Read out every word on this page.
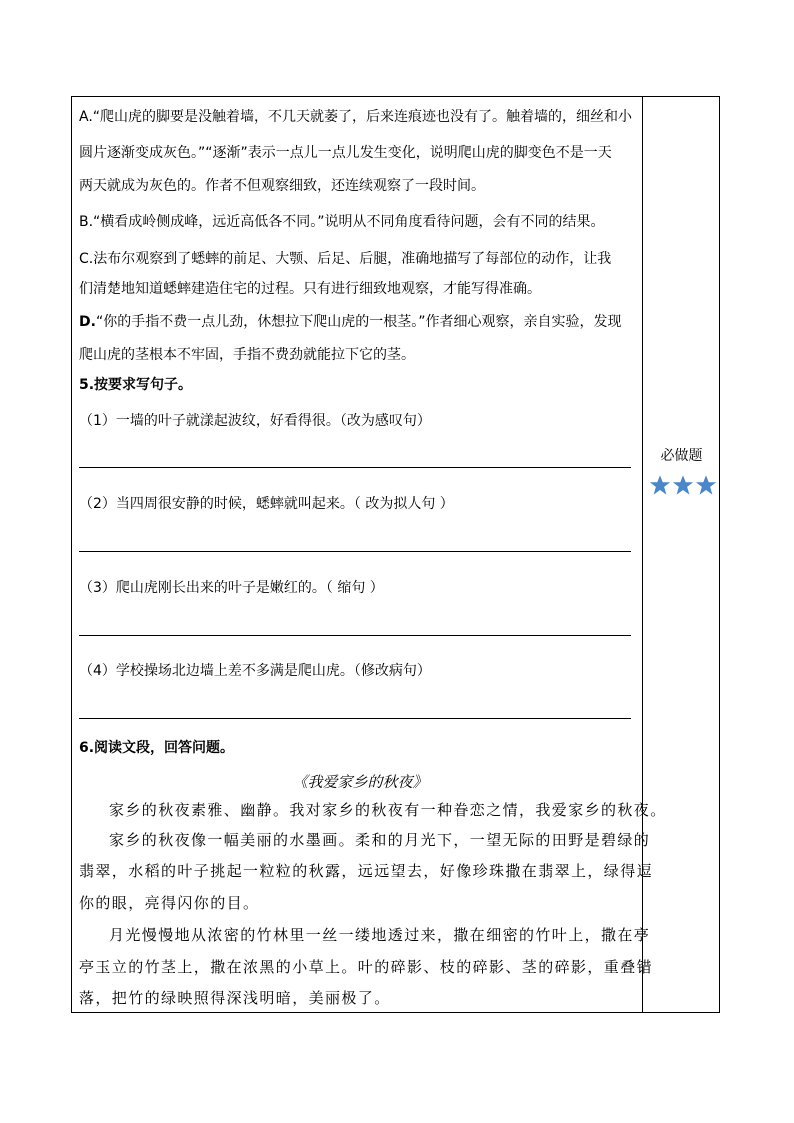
A.“爬山虎的脚要是没触着墙，不几天就萎了，后来连痕迹也没有了。触着墙的，细丝和小
圆片逐渐变成灰色。”“逐渐”表示一点儿一点儿发生变化，说明爬山虎的脚变色不是一天
两天就成为灰色的。作者不但观察细致，还连续观察了一段时间。
B.“横看成岭侧成峰，远近高低各不同。”说明从不同角度看待问题，会有不同的结果。
C.法布尔观察到了蟋蟀的前足、大颚、后足、后腿，准确地描写了每部位的动作，让我
们清楚地知道蟋蟀建造住宅的过程。只有进行细致地观察，才能写得准确。
D.“你的手指不费一点儿劲，休想拉下爬山虎的一根茎。”作者细心观察，亲自实验，发现
爬山虎的茎根本不牢固，手指不费劲就能拉下它的茎。
5.按要求写句子。
（1）一墙的叶子就漾起波纹，好看得很。（改为感叹句）
（2）当四周很安静的时候，蟋蟀就叫起来。（ 改为拟人句 ）
（3）爬山虎刚长出来的叶子是嫩红的。（ 缩句 ）
（4）学校操场北边墙上差不多满是爬山虎。（修改病句）
6.阅读文段，回答问题。
《我爱家乡的秋夜》
家乡的秋夜素雅、幽静。我对家乡的秋夜有一种眷恋之情，我爱家乡的秋夜。
家乡的秋夜像一幅美丽的水墨画。柔和的月光下，一望无际的田野是碧绿的
翡翠，水稻的叶子挑起一粒粒的秋露，远远望去，好像珍珠撒在翡翠上，绿得逗
你的眼，亮得闪你的目。
月光慢慢地从浓密的竹林里一丝一缕地透过来，撒在细密的竹叶上，撒在亭
亭玉立的竹茎上，撒在浓黑的小草上。叶的碎影、枝的碎影、茎的碎影，重叠错
落，把竹的绿映照得深浅明暗，美丽极了。
必做题
